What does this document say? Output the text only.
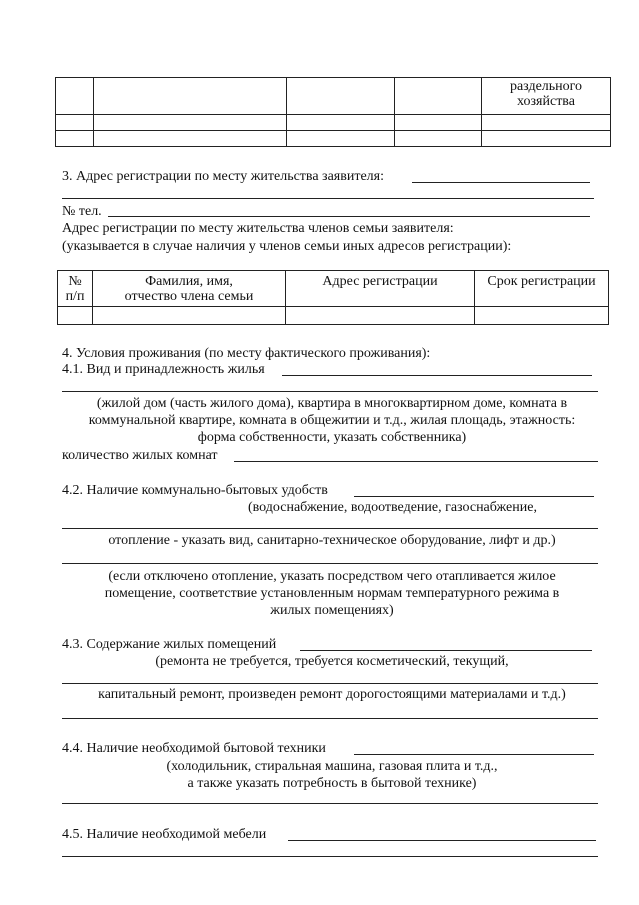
				раздельного хозяйства

3. Адрес регистрации по месту жительства заявителя:
№ тел.
Адрес регистрации по месту жительства членов семьи заявителя:
(указывается в случае наличия у членов семьи иных адресов регистрации):
№ п/п	Фамилия, имя, отчество члена семьи	Адрес регистрации	Срок регистрации

4. Условия проживания (по месту фактического проживания):
4.1. Вид и принадлежность жилья
(жилой дом (часть жилого дома), квартира в многоквартирном доме, комната в
коммунальной квартире, комната в общежитии и т.д., жилая площадь, этажность:
форма собственности, указать собственника)
количество жилых комнат
4.2. Наличие коммунально-бытовых удобств
(водоснабжение, водоотведение, газоснабжение,
отопление - указать вид, санитарно-техническое оборудование, лифт и др.)
(если отключено отопление, указать посредством чего отапливается жилое
помещение, соответствие установленным нормам температурного режима в
жилых помещениях)
4.3. Содержание жилых помещений
(ремонта не требуется, требуется косметический, текущий,
капитальный ремонт, произведен ремонт дорогостоящими материалами и т.д.)
4.4. Наличие необходимой бытовой техники
(холодильник, стиральная машина, газовая плита и т.д.,
а также указать потребность в бытовой технике)
4.5. Наличие необходимой мебели
